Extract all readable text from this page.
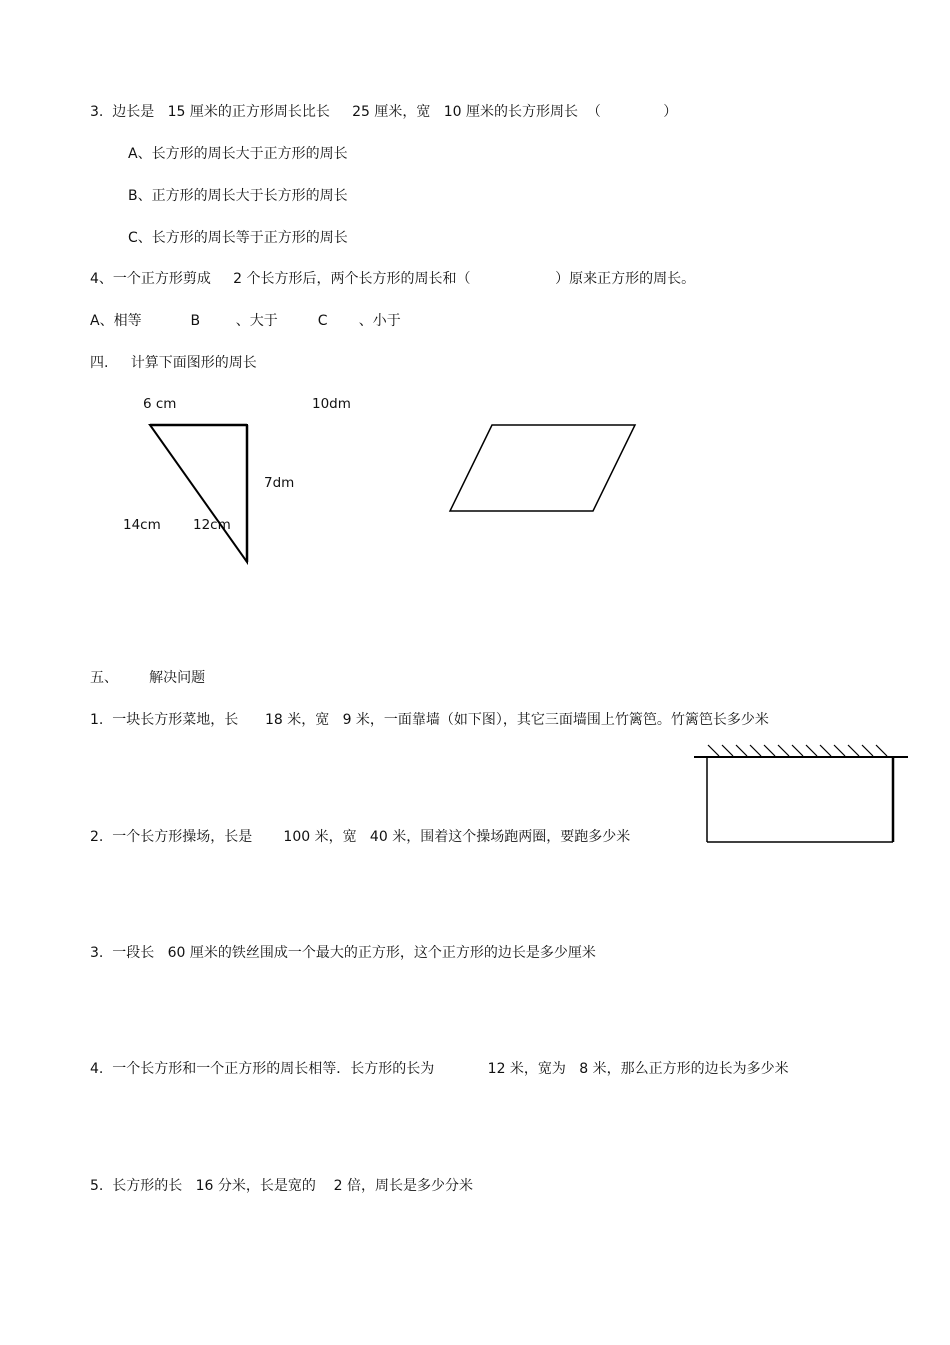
3.  边长是   15 厘米的正方形周长比长     25 厘米，宽   10 厘米的长方形周长  （              ）
A、长方形的周长大于正方形的周长
B、正方形的周长大于长方形的周长
C、长方形的周长等于正方形的周长
4、一个正方形剪成     2 个长方形后，两个长方形的周长和（                   ）原来正方形的周长。
A、相等           B        、大于         C       、小于
四.     计算下面图形的周长
6 cm	10dm
7dm
14cm 12cm
五、       解决问题
1.  一块长方形菜地，长      18 米，宽   9 米，一面靠墙（如下图），其它三面墙围上竹篱笆。竹篱笆长多少米
2.  一个长方形操场，长是       100 米，宽   40 米，围着这个操场跑两圈，要跑多少米
3.  一段长   60 厘米的铁丝围成一个最大的正方形，这个正方形的边长是多少厘米
4.  一个长方形和一个正方形的周长相等．长方形的长为            12 米，宽为   8 米，那么正方形的边长为多少米
5.  长方形的长   16 分米，长是宽的    2 倍，周长是多少分米
